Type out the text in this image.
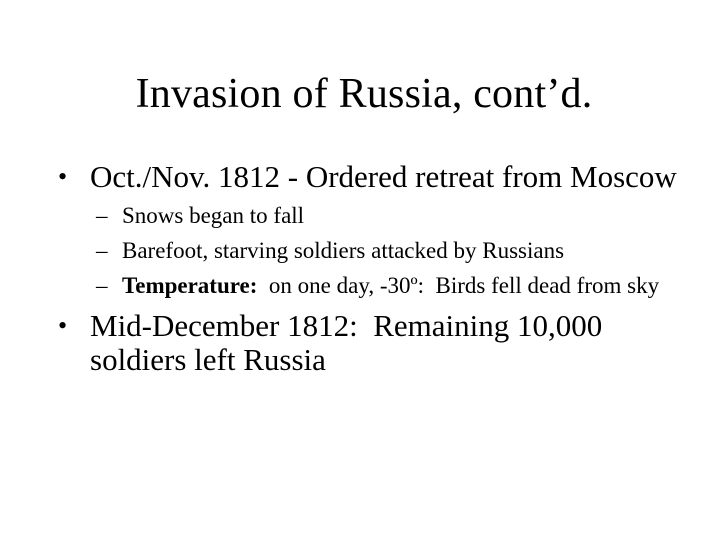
Invasion of Russia, cont’d.
• Oct./Nov. 1812 - Ordered retreat from Moscow
– Snows began to fall
– Barefoot, starving soldiers attacked by Russians
– Temperature:  on one day, -30º:  Birds fell dead from sky
• Mid-December 1812:  Remaining 10,000 soldiers left Russia
